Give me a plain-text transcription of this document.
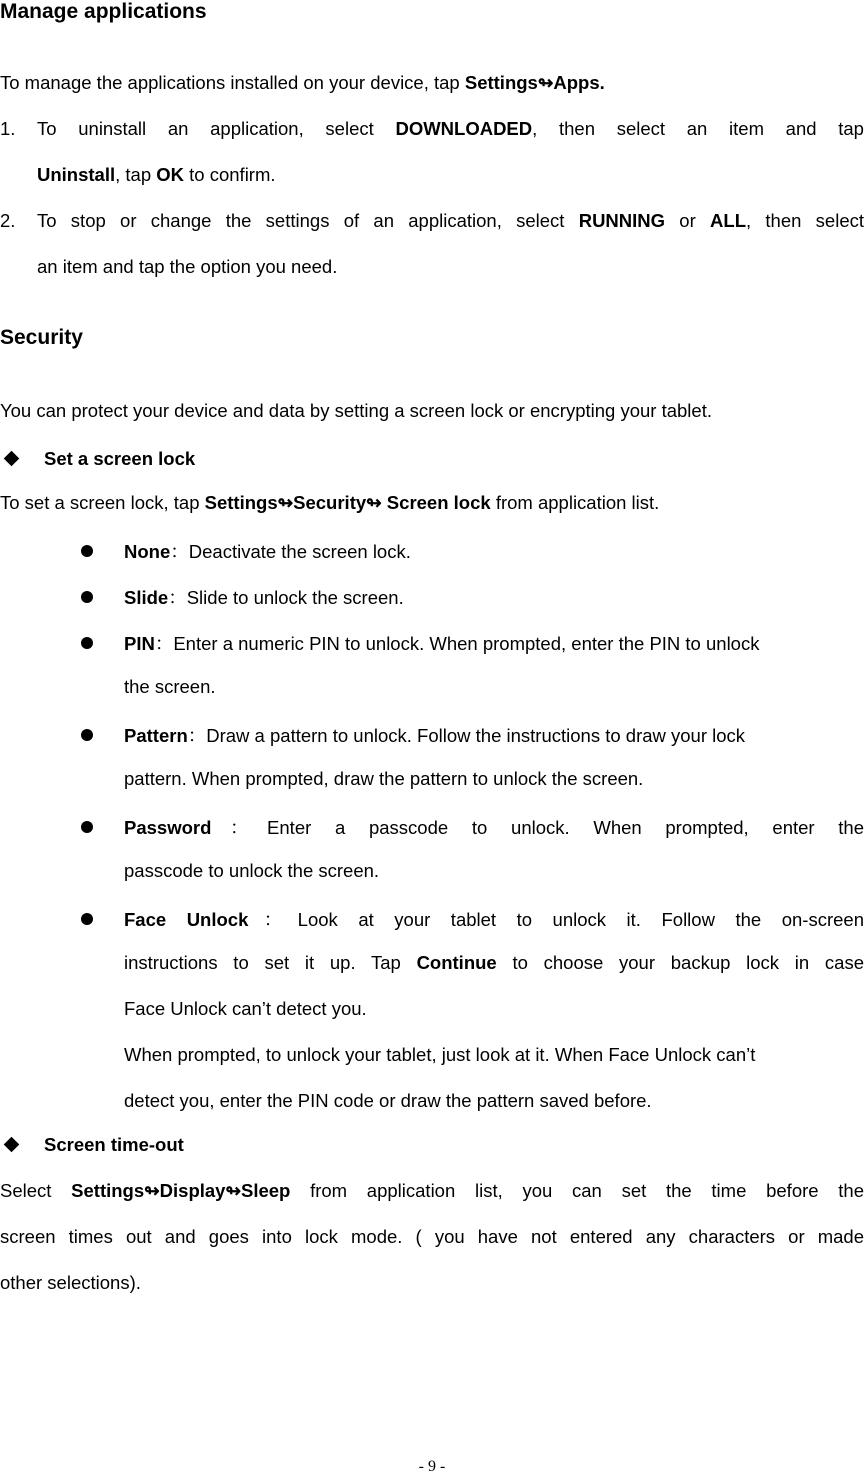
Manage applications
To manage the applications installed on your device, tap Settings↬Apps.
1. To uninstall an application, select DOWNLOADED, then select an item and tap
Uninstall, tap OK to confirm.
2. To stop or change the settings of an application, select RUNNING or ALL, then select
an item and tap the option you need.
Security
You can protect your device and data by setting a screen lock or encrypting your tablet.
Set a screen lock
To set a screen lock, tap Settings↬Security↬ Screen lock from application list.
None：Deactivate the screen lock.
Slide：Slide to unlock the screen.
PIN：Enter a numeric PIN to unlock. When prompted, enter the PIN to unlock
the screen.
Pattern：Draw a pattern to unlock. Follow the instructions to draw your lock
pattern. When prompted, draw the pattern to unlock the screen.
Password：Enter a passcode to unlock. When prompted, enter the
passcode to unlock the screen.
Face Unlock：Look at your tablet to unlock it. Follow the on-screen
instructions to set it up. Tap Continue to choose your backup lock in case
Face Unlock can’t detect you.
When prompted, to unlock your tablet, just look at it. When Face Unlock can’t
detect you, enter the PIN code or draw the pattern saved before.
Screen time-out
Select Settings↬Display↬Sleep from application list, you can set the time before the
screen times out and goes into lock mode. ( you have not entered any characters or made
other selections).
- 9 -
